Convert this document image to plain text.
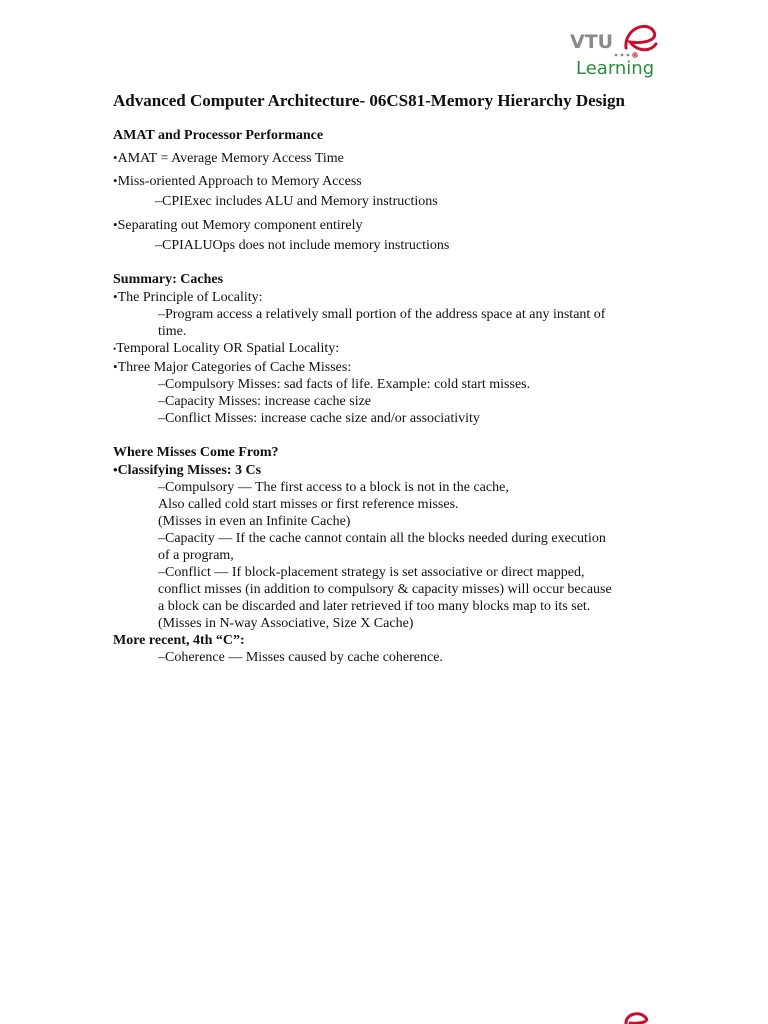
VTU
Learning
Advanced Computer Architecture- 06CS81-Memory Hierarchy Design
AMAT and Processor Performance
•AMAT = Average Memory Access Time
•Miss-oriented Approach to Memory Access
–CPIExec includes ALU and Memory instructions
•Separating out Memory component entirely
–CPIALUOps does not include memory instructions
Summary: Caches
•The Principle of Locality:
–Program access a relatively small portion of the address space at any instant of
time.
•Temporal Locality OR Spatial Locality:
•Three Major Categories of Cache Misses:
–Compulsory Misses: sad facts of life. Example: cold start misses.
–Capacity Misses: increase cache size
–Conflict Misses: increase cache size and/or associativity
Where Misses Come From?
•Classifying Misses: 3 Cs
–Compulsory — The first access to a block is not in the cache,
Also called cold start misses or first reference misses.
(Misses in even an Infinite Cache)
–Capacity — If the cache cannot contain all the blocks needed during execution
of a program,
–Conflict — If block-placement strategy is set associative or direct mapped,
conflict misses (in addition to compulsory & capacity misses) will occur because
a block can be discarded and later retrieved if too many blocks map to its set.
(Misses in N-way Associative, Size X Cache)
More recent, 4th “C”:
–Coherence — Misses caused by cache coherence.
